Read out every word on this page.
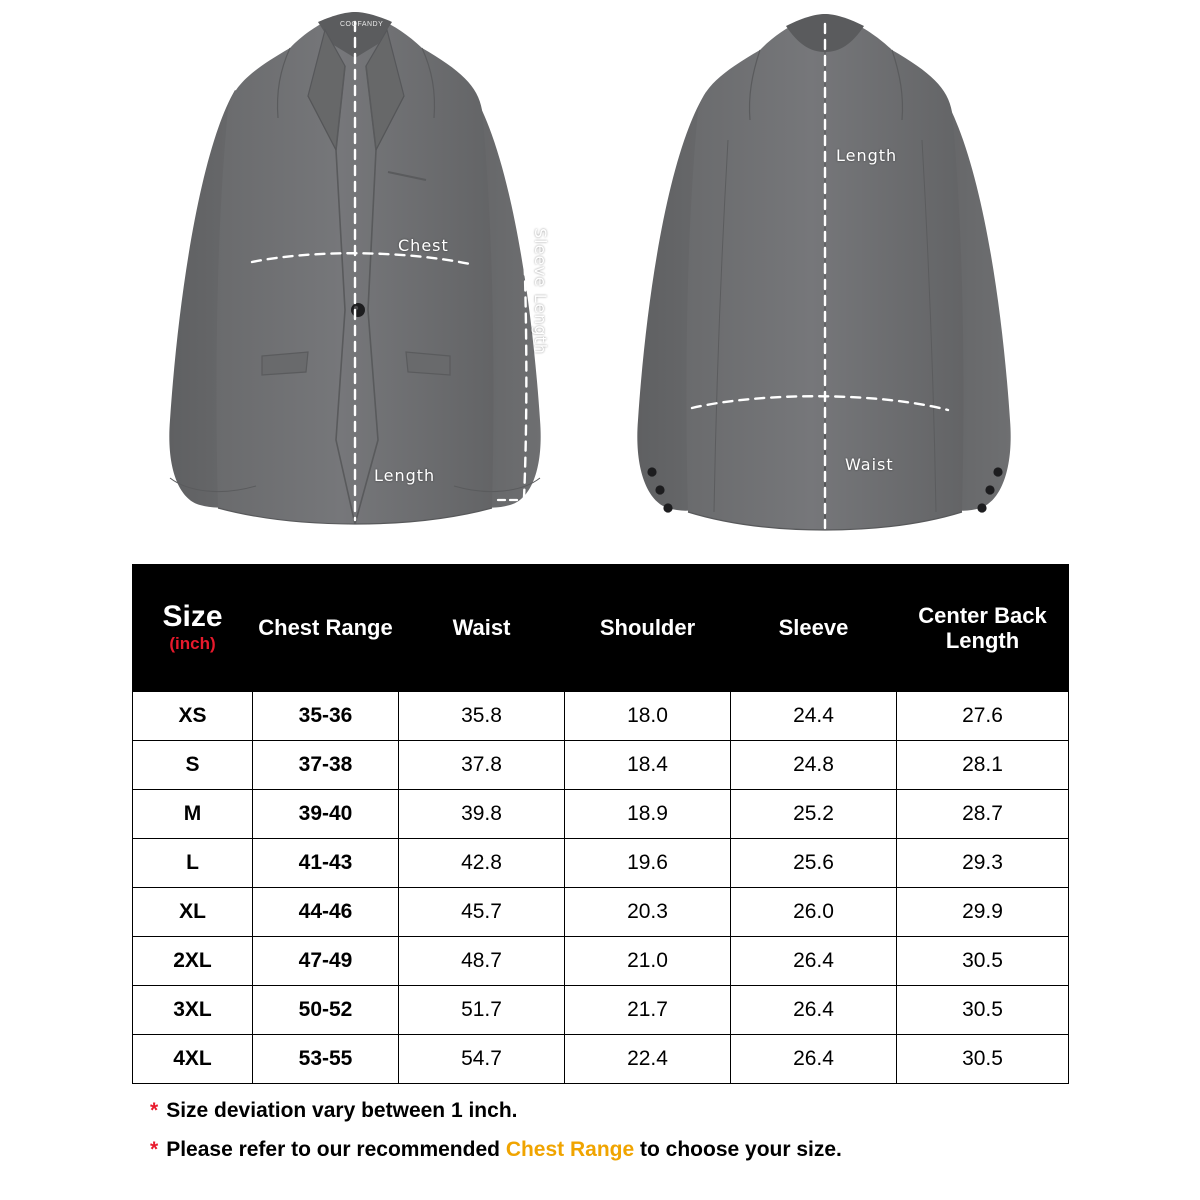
COOFANDY
Chest	Sleeve Length
Length
Length
Waist
Size
(inch)	Chest Range	Waist	Shoulder	Sleeve	Center Back Length
XS	35-36	35.8	18.0	24.4	27.6
S	37-38	37.8	18.4	24.8	28.1
M	39-40	39.8	18.9	25.2	28.7
L	41-43	42.8	19.6	25.6	29.3
XL	44-46	45.7	20.3	26.0	29.9
2XL	47-49	48.7	21.0	26.4	30.5
3XL	50-52	51.7	21.7	26.4	30.5
4XL	53-55	54.7	22.4	26.4	30.5
* Size deviation vary between 1 inch.
* Please refer to our recommended Chest Range to choose your size.
